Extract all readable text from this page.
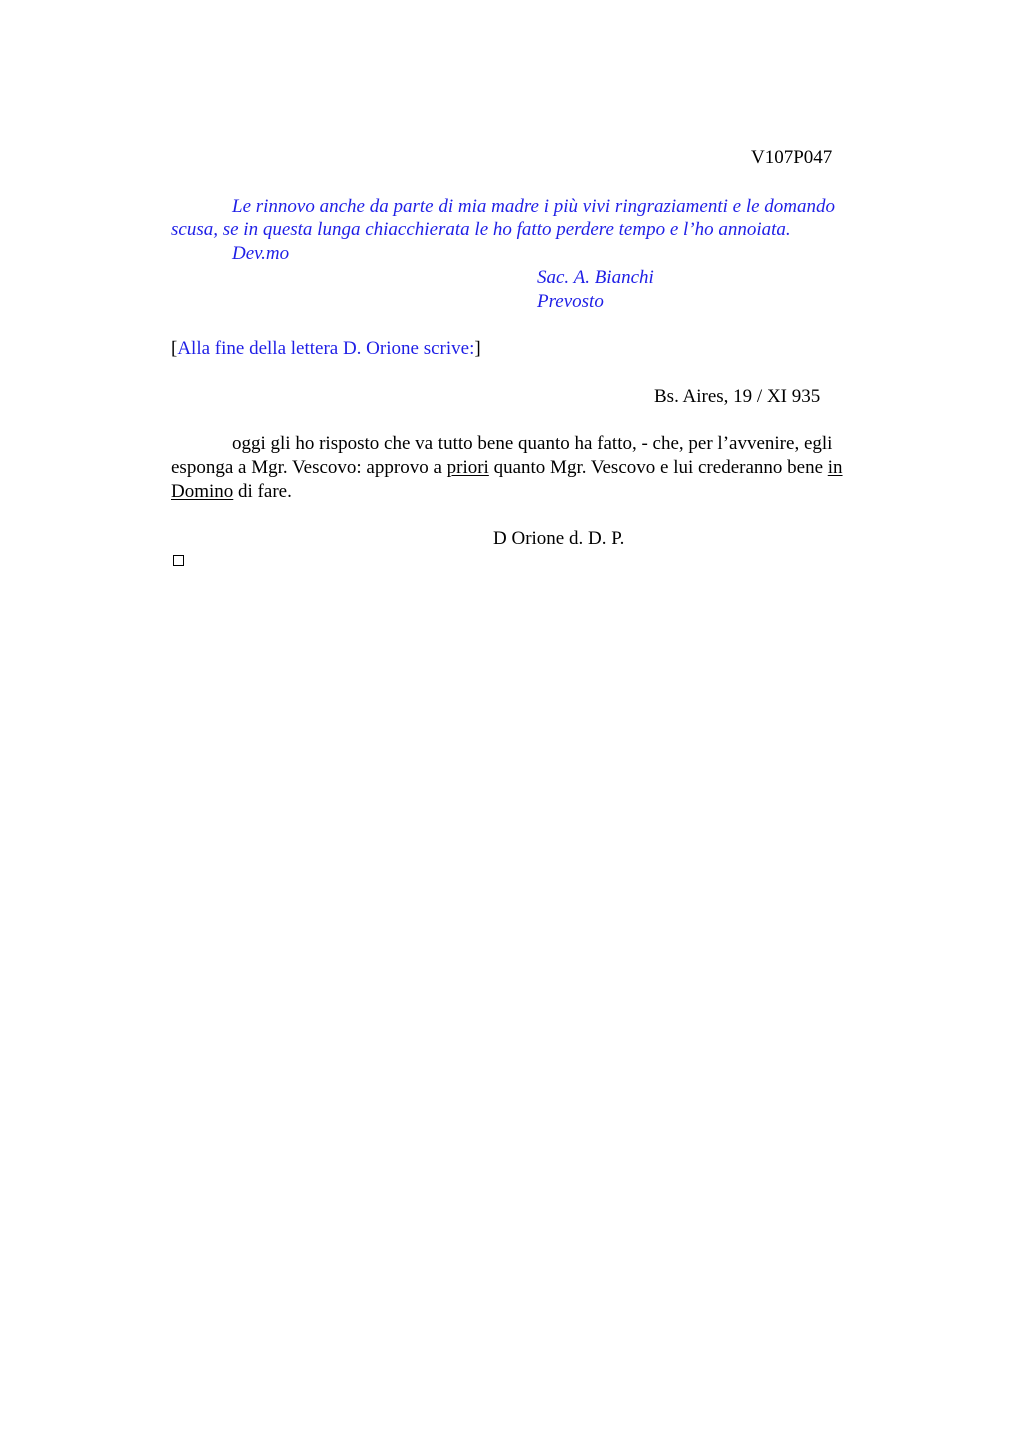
V107P047
Le rinnovo anche da parte di mia madre i più vivi ringraziamenti e le domando
scusa, se in questa lunga chiacchierata le ho fatto perdere tempo e l’ho annoiata.
Dev.mo
Sac. A. Bianchi
Prevosto
[Alla fine della lettera D. Orione scrive:]
Bs. Aires, 19 / XI 935
oggi gli ho risposto che va tutto bene quanto ha fatto, - che, per l’avvenire, egli
esponga a Mgr. Vescovo: approvo a priori quanto Mgr. Vescovo e lui crederanno bene in
Domino di fare.
D Orione d. D. P.
